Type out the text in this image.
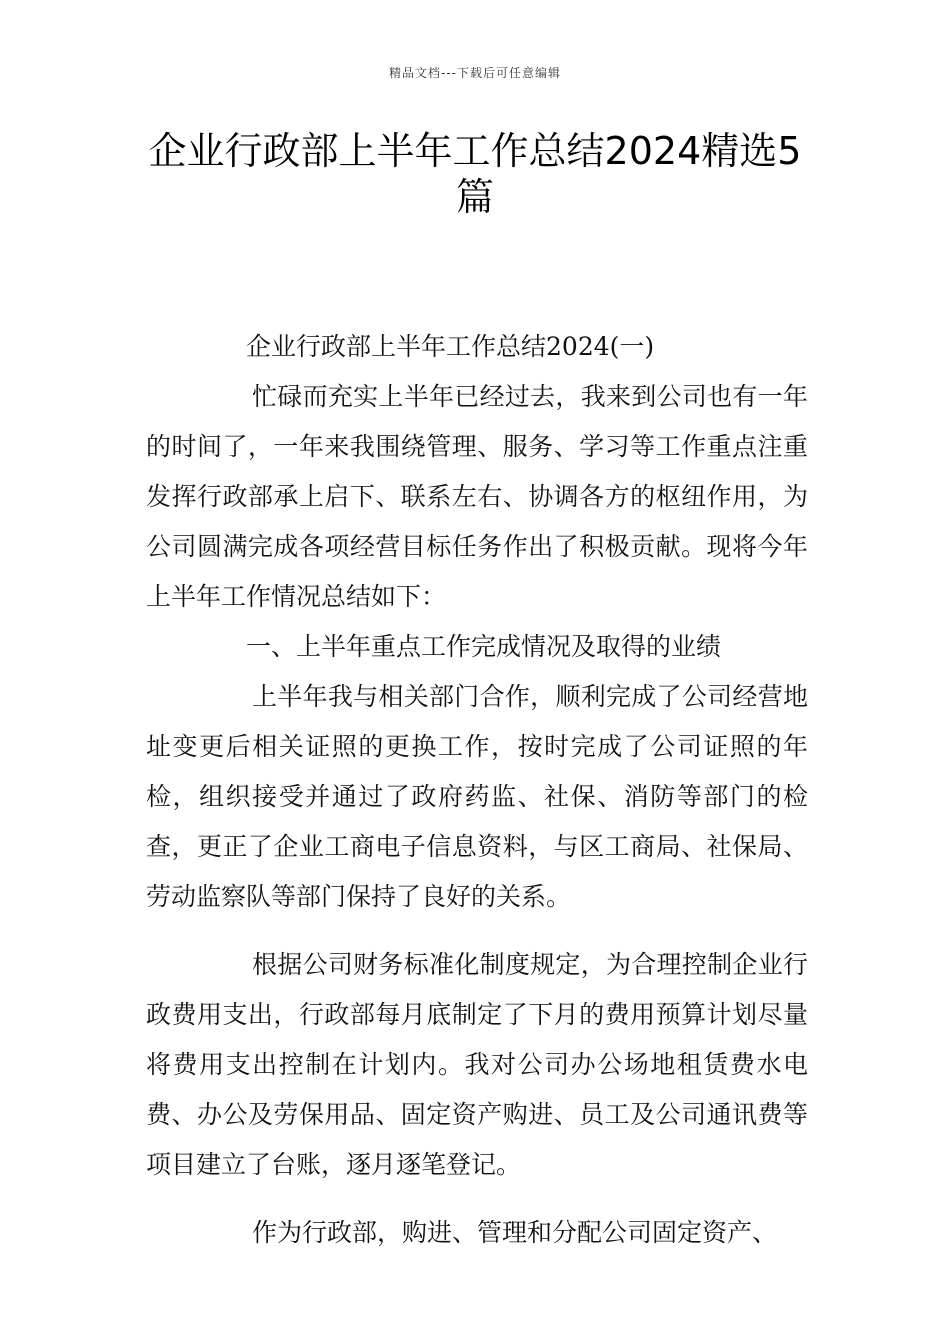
精品文档---下载后可任意编辑
企业行政部上半年工作总结2024精选5篇

企业行政部上半年工作总结2024(一)

忙碌而充实上半年已经过去，我来到公司也有一年的时间了，一年来我围绕管理、服务、学习等工作重点注重发挥行政部承上启下、联系左右、协调各方的枢纽作用，为公司圆满完成各项经营目标任务作出了积极贡献。现将今年上半年工作情况总结如下：

一、上半年重点工作完成情况及取得的业绩

上半年我与相关部门合作，顺利完成了公司经营地址变更后相关证照的更换工作，按时完成了公司证照的年检，组织接受并通过了政府药监、社保、消防等部门的检查，更正了企业工商电子信息资料，与区工商局、社保局、劳动监察队等部门保持了良好的关系。

根据公司财务标准化制度规定，为合理控制企业行政费用支出，行政部每月底制定了下月的费用预算计划尽量将费用支出控制在计划内。我对公司办公场地租赁费水电费、办公及劳保用品、固定资产购进、员工及公司通讯费等项目建立了台账，逐月逐笔登记。

作为行政部，购进、管理和分配公司固定资产、
